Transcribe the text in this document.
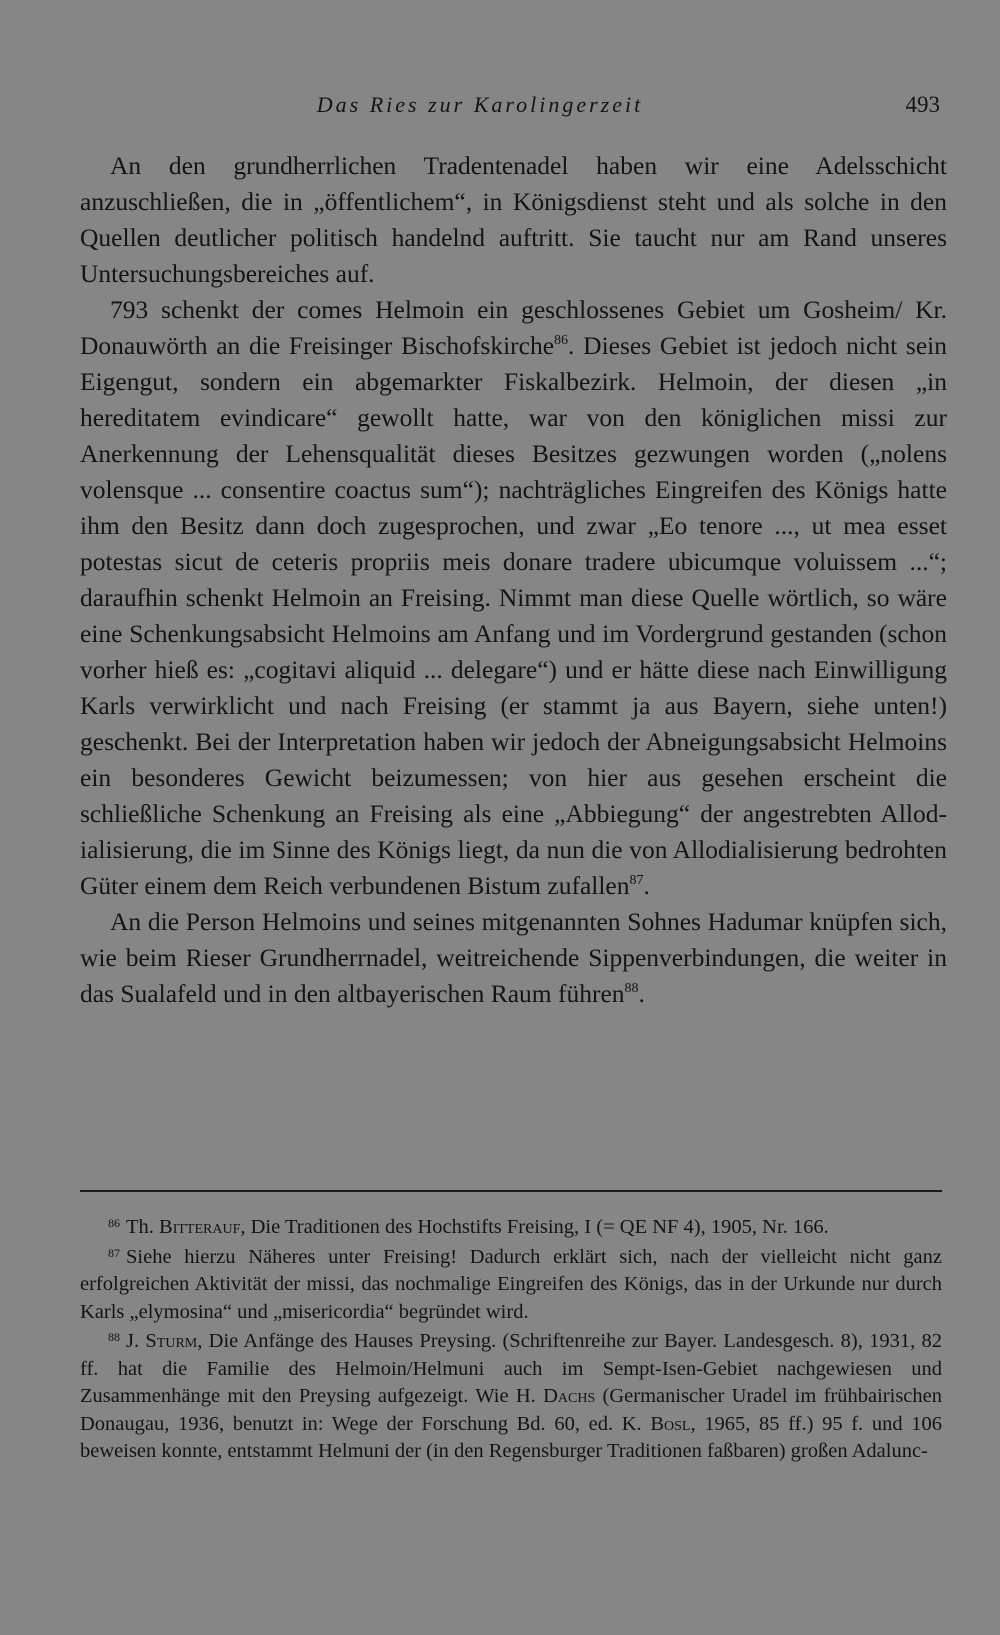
Das Ries zur Karolingerzeit	493

An den grundherrlichen Tradentenadel haben wir eine Adelsschicht anzuschließen, die in „öffentlichem“, in Königsdienst steht und als solche in den Quellen deutlicher politisch handelnd auftritt. Sie taucht nur am Rand unseres Untersuchungsbereiches auf.

793 schenkt der comes Helmoin ein geschlossenes Gebiet um Gosheim/ Kr. Donauwörth an die Freisinger Bischofskirche$^{86}$. Dieses Gebiet ist jedoch nicht sein Eigengut, sondern ein abgemarkter Fiskalbezirk. Helmoin, der diesen „in hereditatem evindicare“ gewollt hatte, war von den königlichen missi zur Anerkennung der Lehensqualität dieses Besitzes gezwungen worden („nolens volensque ... consentire coactus sum“); nachträgliches Eingreifen des Königs hatte ihm den Besitz dann doch zugesprochen, und zwar „Eo tenore ..., ut mea esset potestas sicut de ceteris propriis meis donare tradere ubicumque voluissem ...“; daraufhin schenkt Helmoin an Freising. Nimmt man diese Quelle wörtlich, so wäre eine Schenkungsabsicht Helmoins am Anfang und im Vordergrund gestanden (schon vorher hieß es: „cogitavi aliquid ... delegare“) und er hätte diese nach Einwilligung Karls verwirklicht und nach Freising (er stammt ja aus Bayern, siehe unten!) geschenkt. Bei der Interpretation haben wir jedoch der Abneigungsabsicht Helmoins ein besonderes Gewicht beizumessen; von hier aus gesehen erscheint die schließliche Schenkung an Freising als eine „Abbiegung“ der angestrebten Allodialisierung, die im Sinne des Königs liegt, da nun die von Allodialisierung bedrohten Güter einem dem Reich verbundenen Bistum zufallen$^{87}$.

An die Person Helmoins und seines mitgenannten Sohnes Hadumar knüpfen sich, wie beim Rieser Grundherrnadel, weitreichende Sippenverbindungen, die weiter in das Sualafeld und in den altbayerischen Raum führen$^{88}$.

$^{86}$ Th. Bitterauf, Die Traditionen des Hochstifts Freising, I (= QE NF 4), 1905, Nr. 166.

$^{87}$ Siehe hierzu Näheres unter Freising! Dadurch erklärt sich, nach der vielleicht nicht ganz erfolgreichen Aktivität der missi, das nochmalige Eingreifen des Königs, das in der Urkunde nur durch Karls „elymosina“ und „misericordia“ begründet wird.

$^{88}$ J. Sturm, Die Anfänge des Hauses Preysing. (Schriftenreihe zur Bayer. Landesgesch. 8), 1931, 82 ff. hat die Familie des Helmoin/Helmuni auch im Sempt-Isen-Gebiet nachgewiesen und Zusammenhänge mit den Preysing aufgezeigt. Wie H. Dachs (Germanischer Uradel im frühbairischen Donaugau, 1936, benutzt in: Wege der Forschung Bd. 60, ed. K. Bosl, 1965, 85 ff.) 95 f. und 106 beweisen konnte, entstammt Helmuni der (in den Regensburger Traditionen faßbaren) großen Adalunc-
